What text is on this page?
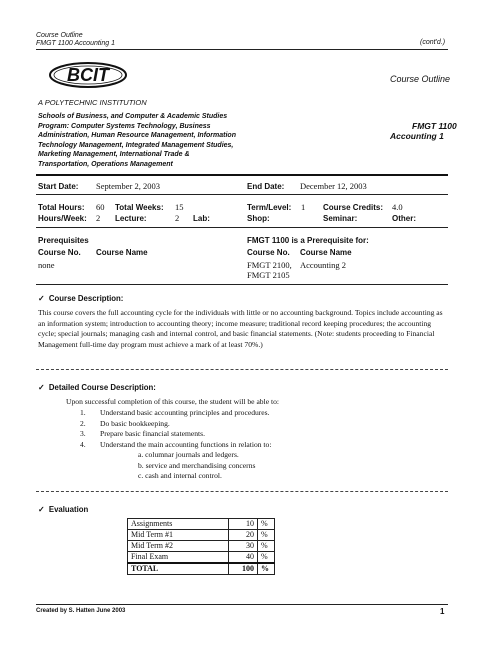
Course Outline
FMGT 1100 Accounting 1	(cont'd.)
BCIT
A POLYTECHNIC INSTITUTION
Course Outline
FMGT 1100
Accounting 1
Schools of Business, and Computer & Academic Studies
Program: Computer Systems Technology, Business
Administration, Human Resource Management, Information
Technology Management, Integrated Management Studies,
Marketing Management, International Trade &
Transportation, Operations Management
Start Date: September 2, 2003	End Date: December 12, 2003
Total Hours: 60 Total Weeks: 15	Term/Level: 1 Course Credits: 4.0
Hours/Week: 2 Lecture:	2 Lab:	Shop:	Seminar:	Other:
Prerequisites
Course No. Course Name
none
FMGT 1100 is a Prerequisite for:
Course No. Course Name
FMGT 2100, Accounting 2
FMGT 2105
✓  Course Description:
This course covers the full accounting cycle for the individuals with little or no accounting background. Topics include accounting as an information system; introduction to accounting theory; income measure; traditional record keeping procedures; the accounting cycle; special journals; managing cash and internal control, and basic financial statements. (Note: students proceeding to Financial Management full-time day program must achieve a mark of at least 70%.)
✓  Detailed Course Description:
Upon successful completion of this course, the student will be able to:
1.	Understand basic accounting principles and procedures.
2.	Do basic bookkeeping.
3.	Prepare basic financial statements.
4.	Understand the main accounting functions in relation to:
a. columnar journals and ledgers.
b. service and merchandising concerns
c. cash and internal control.
✓  Evaluation
Assignments	10	%
Mid Term #1	20	%
Mid Term #2	30	%
Final Exam	40	%
TOTAL	100	%
Created by S. Hatten June 2003	1
